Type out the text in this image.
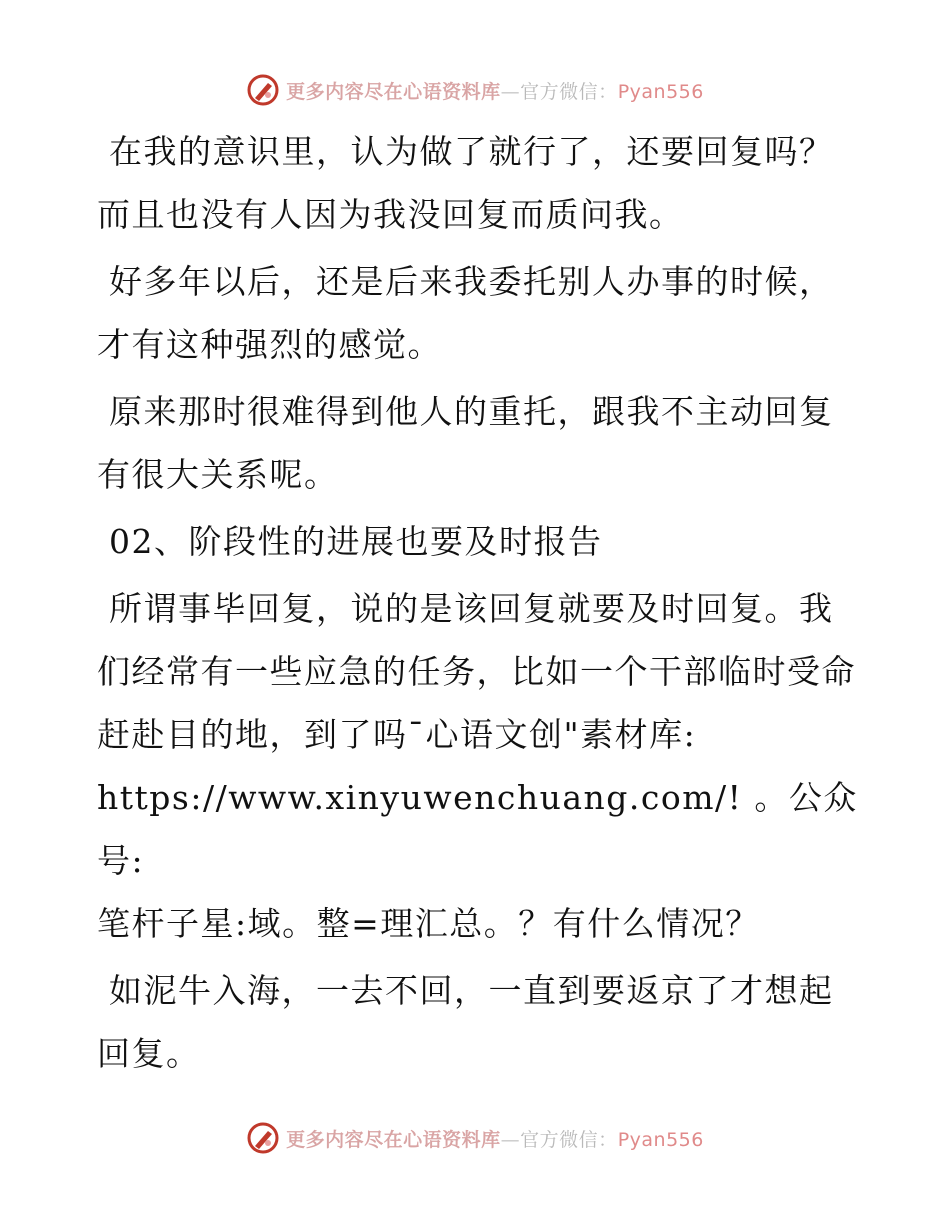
更多内容尽在心语资料库—官方微信：Pyan556

在我的意识里，认为做了就行了，还要回复吗？
而且也没有人因为我没回复而质问我。

好多年以后，还是后来我委托别人办事的时候，
才有这种强烈的感觉。

原来那时很难得到他人的重托，跟我不主动回复
有很大关系呢。

02、阶段性的进展也要及时报告

所谓事毕回复，说的是该回复就要及时回复。我
们经常有一些应急的任务，比如一个干部临时受命
赶赴目的地，到了吗¯心语文创"素材库:
https://www.xinyuwenchuang.com/! 。公众号:
笔杆子星:域。整=理汇总。？有什么情况？

如泥牛入海，一去不回，一直到要返京了才想起
回复。

更多内容尽在心语资料库—官方微信：Pyan556
